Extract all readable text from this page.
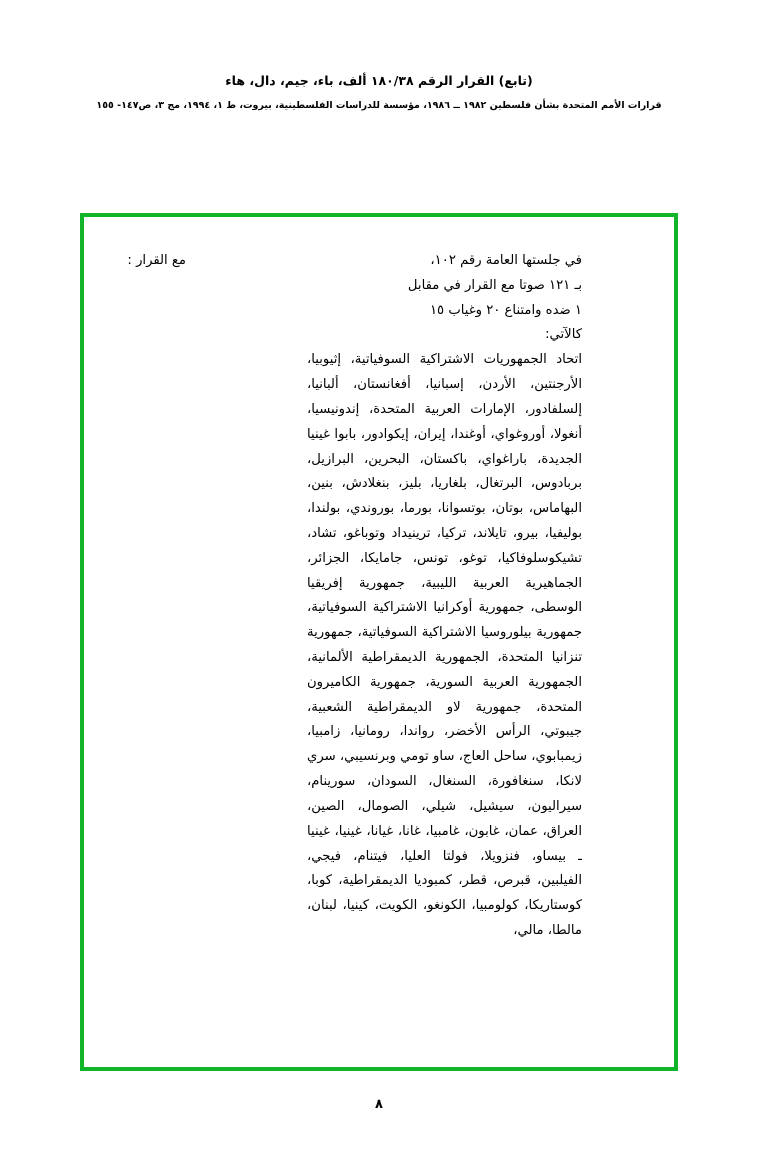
(تابع) القرار الرقم ١٨٠/٣٨ ألف، باء، جيم، دال، هاء
قرارات الأمم المتحدة بشأن فلسطين ١٩٨٢ ــ ١٩٨٦، مؤسسة للدراسات الفلسطينية، بيروت، ط ١، ١٩٩٤، مج ٣، ص١٤٧- ١٥٥

في جلستها العامة رقم ١٠٢،

بـ ١٢١ صوتا مع القرار في مقابل

١ ضده وامتناع ٢٠ وغياب ١٥

كالآتي:

مع القرار :

اتحاد الجمهوريات الاشتراكية السوفياتية، إثيوبيا، الأرجنتين، الأردن، إسبانيا، أفغانستان، ألبانيا، إلسلفادور، الإمارات العربية المتحدة، إندونيسيا، أنغولا، أوروغواي، أوغندا، إيران، إيكوادور، بابوا غينيا الجديدة، باراغواي، باكستان، البحرين، البرازيل، بربادوس، البرتغال، بلغاريا، بليز، بنغلادش، بنين، البهاماس، بوتان، بوتسوانا، بورما، بوروندي، بولندا، بوليفيا، بيرو، تايلاند، تركيا، ترينيداد وتوباغو، تشاد، تشيكوسلوفاكيا، توغو، تونس، جامايكا، الجزائر، الجماهيرية العربية الليبية، جمهورية إفريقيا الوسطى، جمهورية أوكرانيا الاشتراكية السوفياتية، جمهورية بيلوروسيا الاشتراكية السوفياتية، جمهورية تنزانيا المتحدة، الجمهورية الديمقراطية الألمانية، الجمهورية العربية السورية، جمهورية الكاميرون المتحدة، جمهورية لاو الديمقراطية الشعبية، جيبوتي، الرأس الأخضر، رواندا، رومانيا، زامبيا، زيمبابوي، ساحل العاج، ساو تومي وبرنسيبي، سري لانكا، سنغافورة، السنغال، السودان، سورينام، سيراليون، سيشيل، شيلي، الصومال، الصين، العراق، عمان، غابون، غامبيا، غانا، غيانا، غينيا، غينيا ـ بيساو، فنزويلا، فولتا العليا، فيتنام، فيجي، الفيلبين، قبرص، قطر، كمبوديا الديمقراطية، كوبا، كوستاريكا، كولومبيا، الكونغو، الكويت، كينيا، لبنان، مالطا، مالي،

٨
